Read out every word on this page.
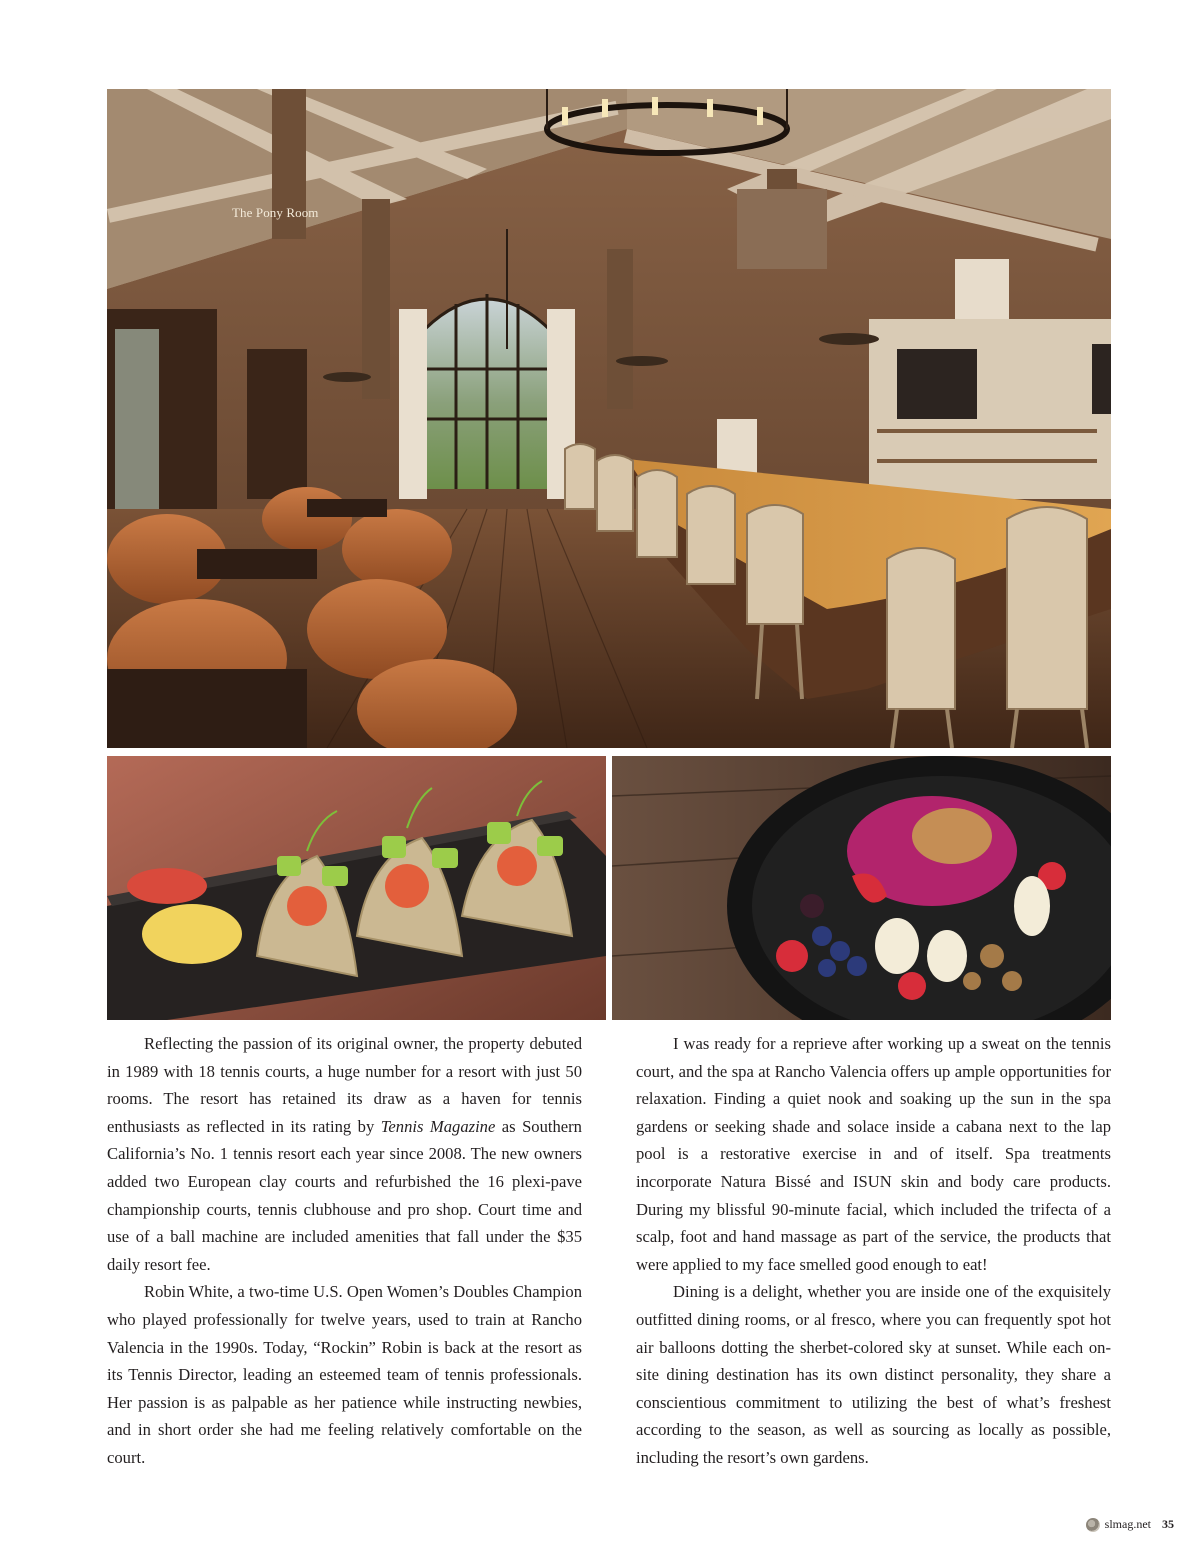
The Pony Room

Reflecting the passion of its original owner, the property debuted in 1989 with 18 tennis courts, a huge number for a resort with just 50 rooms. The resort has retained its draw as a haven for tennis enthusiasts as reflected in its rating by Tennis Magazine as Southern California’s No. 1 tennis resort each year since 2008. The new owners added two European clay courts and refurbished the 16 plexi-pave championship courts, tennis clubhouse and pro shop. Court time and use of a ball machine are included amenities that fall under the $35 daily resort fee.

Robin White, a two-time U.S. Open Women’s Doubles Champion who played professionally for twelve years, used to train at Rancho Valencia in the 1990s. Today, “Rockin” Robin is back at the resort as its Tennis Director, leading an esteemed team of tennis professionals. Her passion is as palpable as her patience while instructing newbies, and in short order she had me feeling relatively comfortable on the court.

I was ready for a reprieve after working up a sweat on the tennis court, and the spa at Rancho Valencia offers up ample opportunities for relaxation. Finding a quiet nook and soaking up the sun in the spa gardens or seeking shade and solace inside a cabana next to the lap pool is a restorative exercise in and of itself. Spa treatments incorporate Natura Bissé and ISUN skin and body care products. During my blissful 90-minute facial, which included the trifecta of a scalp, foot and hand massage as part of the service, the products that were applied to my face smelled good enough to eat!

Dining is a delight, whether you are inside one of the exquisitely outfitted dining rooms, or al fresco, where you can frequently spot hot air balloons dotting the sherbet-colored sky at sunset. While each on-site dining destination has its own distinct personality, they share a conscientious commitment to utilizing the best of what’s freshest according to the season, as well as sourcing as locally as possible, including the resort’s own gardens.

slmag.net 35
